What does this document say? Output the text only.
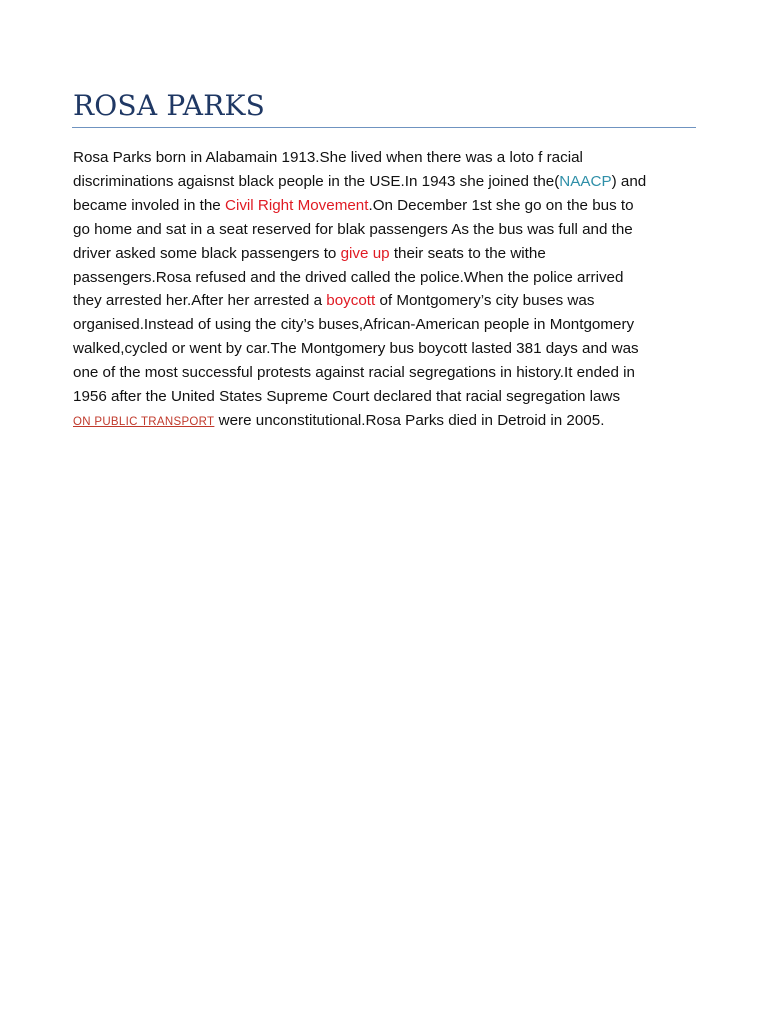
ROSA PARKS

Rosa Parks born in Alabamain 1913.She lived when there was a loto f racial
discriminations agaisnst black people in the USE.In 1943 she joined the(NAACP) and
became involed in the Civil Right Movement.On December 1st she go on the bus to
go home and sat in a seat reserved for blak passengers As the bus was full and the
driver asked some black passengers to give up their seats to the withe
passengers.Rosa refused and the drived called the police.When the police arrived
they arrested her.After her arrested a boycott of Montgomery’s city buses was
organised.Instead of using the city’s buses,African-American people in Montgomery
walked,cycled or went by car.The Montgomery bus boycott lasted 381 days and was
one of the most successful protests against racial segregations in history.It ended in
1956 after the United States Supreme Court declared that racial segregation laws
ON PUBLIC TRANSPORT were unconstitutional.Rosa Parks died in Detroid in 2005.
